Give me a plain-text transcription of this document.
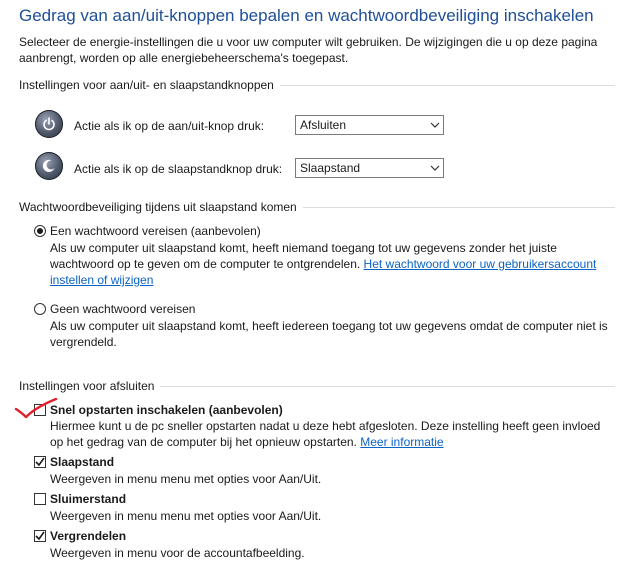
Gedrag van aan/uit-knoppen bepalen en wachtwoordbeveiliging inschakelen
Selecteer de energie-instellingen die u voor uw computer wilt gebruiken. De wijzigingen die u op deze pagina aanbrengt, worden op alle energiebeheerschema's toegepast.
Instellingen voor aan/uit- en slaapstandknoppen
Actie als ik op de aan/uit-knop druk:	Afsluiten
Actie als ik op de slaapstandknop druk: Slaapstand
Wachtwoordbeveiliging tijdens uit slaapstand komen
Een wachtwoord vereisen (aanbevolen)
Als uw computer uit slaapstand komt, heeft niemand toegang tot uw gegevens zonder het juiste wachtwoord op te geven om de computer te ontgrendelen. Het wachtwoord voor uw gebruikersaccount instellen of wijzigen
Geen wachtwoord vereisen
Als uw computer uit slaapstand komt, heeft iedereen toegang tot uw gegevens omdat de computer niet is vergrendeld.
Instellingen voor afsluiten
Snel opstarten inschakelen (aanbevolen)
Hiermee kunt u de pc sneller opstarten nadat u deze hebt afgesloten. Deze instelling heeft geen invloed op het gedrag van de computer bij het opnieuw opstarten. Meer informatie
Slaapstand
Weergeven in menu menu met opties voor Aan/Uit.
Sluimerstand
Weergeven in menu menu met opties voor Aan/Uit.
Vergrendelen
Weergeven in menu voor de accountafbeelding.
